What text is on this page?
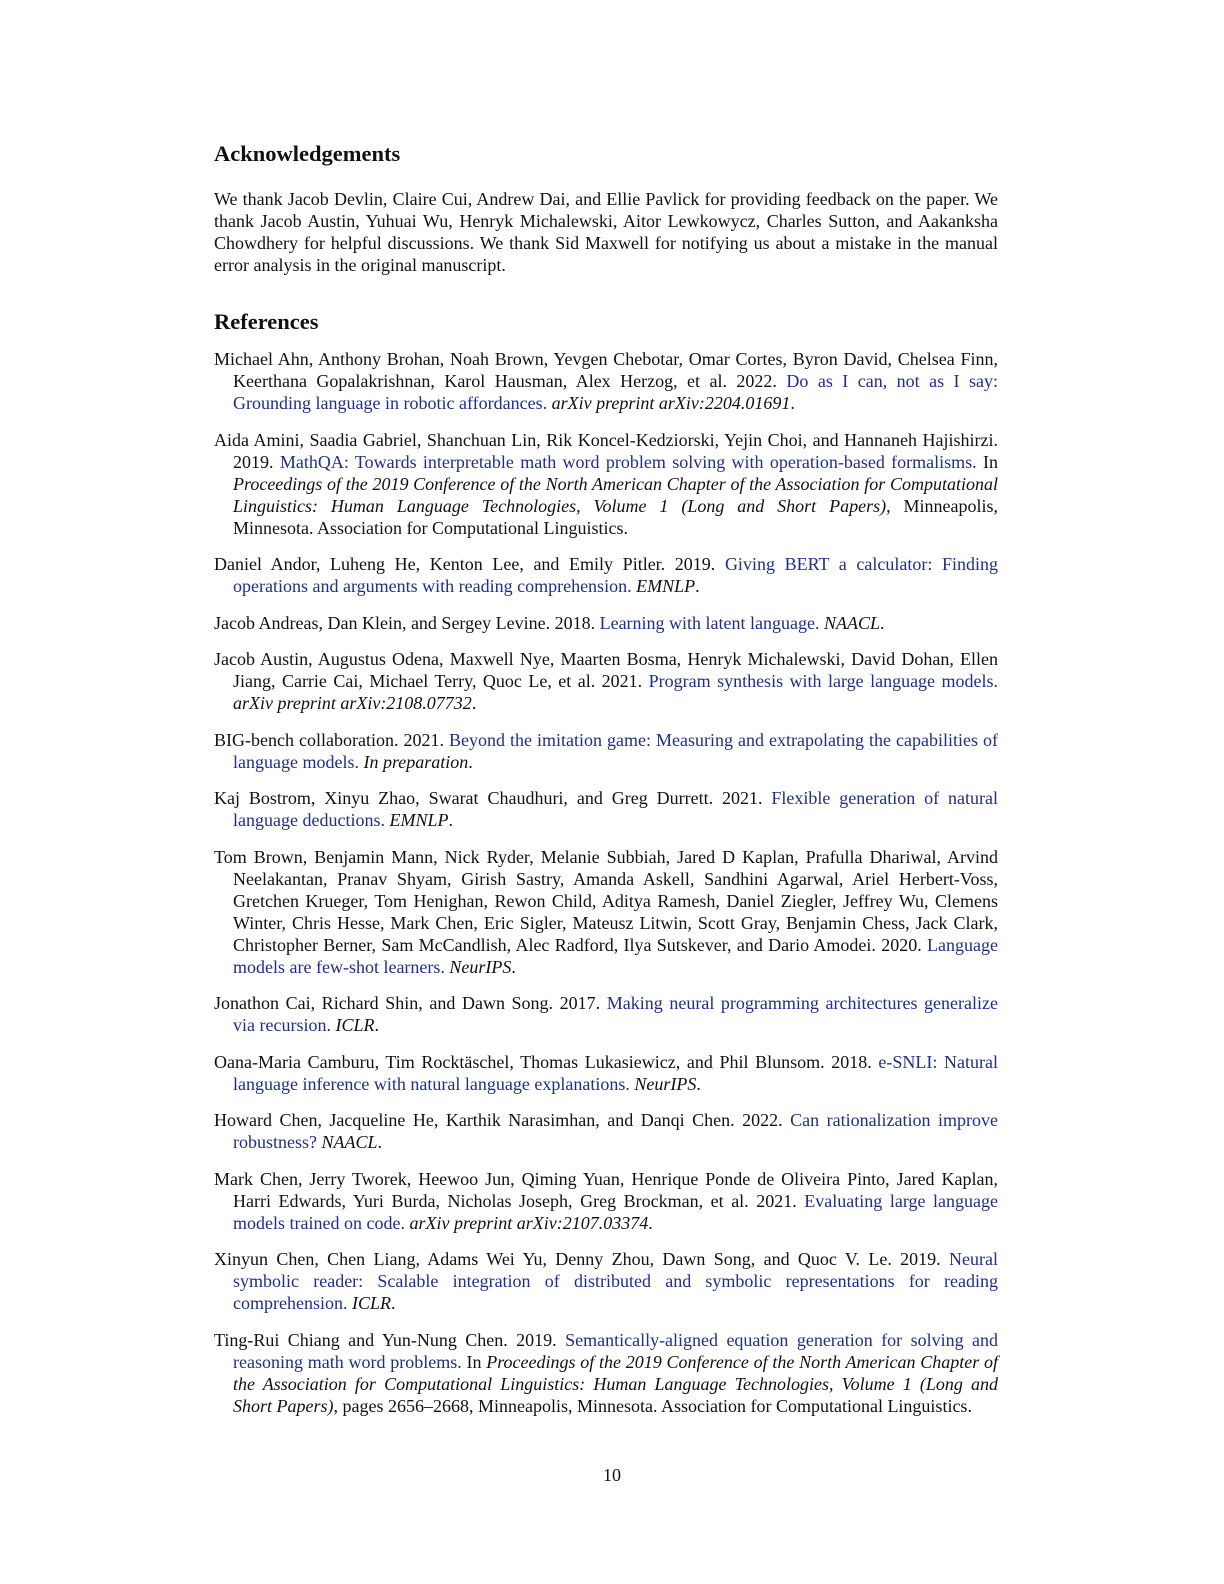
Acknowledgements

We thank Jacob Devlin, Claire Cui, Andrew Dai, and Ellie Pavlick for providing feedback on the paper. We thank Jacob Austin, Yuhuai Wu, Henryk Michalewski, Aitor Lewkowycz, Charles Sutton, and Aakanksha Chowdhery for helpful discussions. We thank Sid Maxwell for notifying us about a mistake in the manual error analysis in the original manuscript.

References
Michael Ahn, Anthony Brohan, Noah Brown, Yevgen Chebotar, Omar Cortes, Byron David, Chelsea Finn, Keerthana Gopalakrishnan, Karol Hausman, Alex Herzog, et al. 2022. Do as I can, not as I say: Grounding language in robotic affordances. arXiv preprint arXiv:2204.01691.
Aida Amini, Saadia Gabriel, Shanchuan Lin, Rik Koncel-Kedziorski, Yejin Choi, and Hannaneh Hajishirzi. 2019. MathQA: Towards interpretable math word problem solving with operation-based formalisms. In Proceedings of the 2019 Conference of the North American Chapter of the Association for Computational Linguistics: Human Language Technologies, Volume 1 (Long and Short Papers), Minneapolis, Minnesota. Association for Computational Linguistics.
Daniel Andor, Luheng He, Kenton Lee, and Emily Pitler. 2019. Giving BERT a calculator: Finding operations and arguments with reading comprehension. EMNLP.
Jacob Andreas, Dan Klein, and Sergey Levine. 2018. Learning with latent language. NAACL.
Jacob Austin, Augustus Odena, Maxwell Nye, Maarten Bosma, Henryk Michalewski, David Dohan, Ellen Jiang, Carrie Cai, Michael Terry, Quoc Le, et al. 2021. Program synthesis with large language models. arXiv preprint arXiv:2108.07732.
BIG-bench collaboration. 2021. Beyond the imitation game: Measuring and extrapolating the capabilities of language models. In preparation.
Kaj Bostrom, Xinyu Zhao, Swarat Chaudhuri, and Greg Durrett. 2021. Flexible generation of natural language deductions. EMNLP.
Tom Brown, Benjamin Mann, Nick Ryder, Melanie Subbiah, Jared D Kaplan, Prafulla Dhariwal, Arvind Neelakantan, Pranav Shyam, Girish Sastry, Amanda Askell, Sandhini Agarwal, Ariel Herbert-Voss, Gretchen Krueger, Tom Henighan, Rewon Child, Aditya Ramesh, Daniel Ziegler, Jeffrey Wu, Clemens Winter, Chris Hesse, Mark Chen, Eric Sigler, Mateusz Litwin, Scott Gray, Benjamin Chess, Jack Clark, Christopher Berner, Sam McCandlish, Alec Radford, Ilya Sutskever, and Dario Amodei. 2020. Language models are few-shot learners. NeurIPS.
Jonathon Cai, Richard Shin, and Dawn Song. 2017. Making neural programming architectures generalize via recursion. ICLR.
Oana-Maria Camburu, Tim Rocktäschel, Thomas Lukasiewicz, and Phil Blunsom. 2018. e-SNLI: Natural language inference with natural language explanations. NeurIPS.
Howard Chen, Jacqueline He, Karthik Narasimhan, and Danqi Chen. 2022. Can rationalization improve robustness? NAACL.
Mark Chen, Jerry Tworek, Heewoo Jun, Qiming Yuan, Henrique Ponde de Oliveira Pinto, Jared Kaplan, Harri Edwards, Yuri Burda, Nicholas Joseph, Greg Brockman, et al. 2021. Evaluating large language models trained on code. arXiv preprint arXiv:2107.03374.
Xinyun Chen, Chen Liang, Adams Wei Yu, Denny Zhou, Dawn Song, and Quoc V. Le. 2019. Neural symbolic reader: Scalable integration of distributed and symbolic representations for reading comprehension. ICLR.
Ting-Rui Chiang and Yun-Nung Chen. 2019. Semantically-aligned equation generation for solving and reasoning math word problems. In Proceedings of the 2019 Conference of the North American Chapter of the Association for Computational Linguistics: Human Language Technologies, Volume 1 (Long and Short Papers), pages 2656–2668, Minneapolis, Minnesota. Association for Computational Linguistics.
10
